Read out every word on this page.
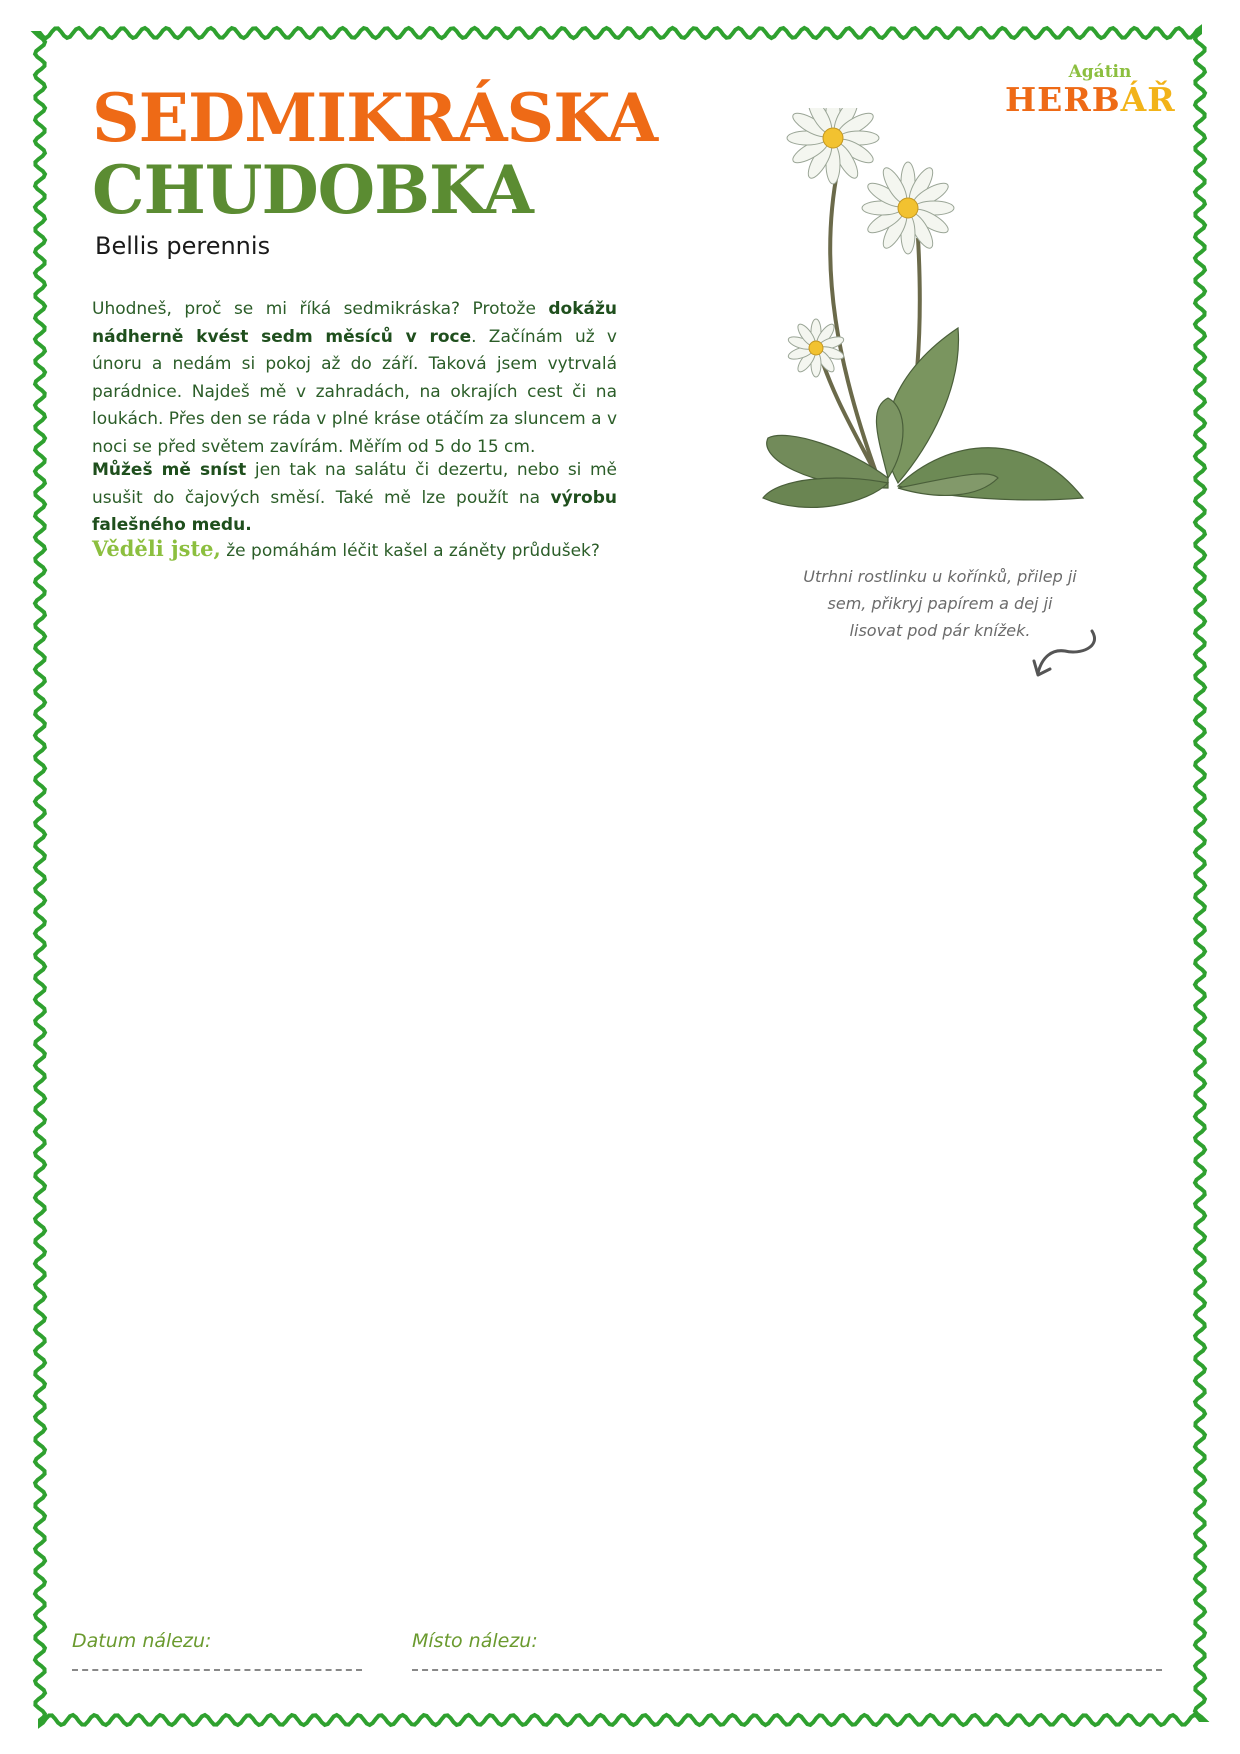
Agátin
HERBÁŘ
SEDMIKRÁSKA
CHUDOBKA
Bellis perennis

Uhodneš, proč se mi říká sedmikráska? Protože dokážu nádherně kvést sedm měsíců v roce. Začínám už v únoru a nedám si pokoj až do září. Taková jsem vytrvalá parádnice. Najdeš mě v zahradách, na okrajích cest či na loukách. Přes den se ráda v plné kráse otáčím za sluncem a v noci se před světem zavírám. Měřím od 5 do 15 cm.

Můžeš mě sníst jen tak na salátu či dezertu, nebo si mě usušit do čajových směsí. Také mě lze použít na výrobu falešného medu.

Věděli jste, že pomáhám léčit kašel a záněty průdušek?

Utrhni rostlinku u kořínků, přilep ji sem, přikryj papírem a dej ji lisovat pod pár knížek.

Datum nálezu:	Místo nálezu:
